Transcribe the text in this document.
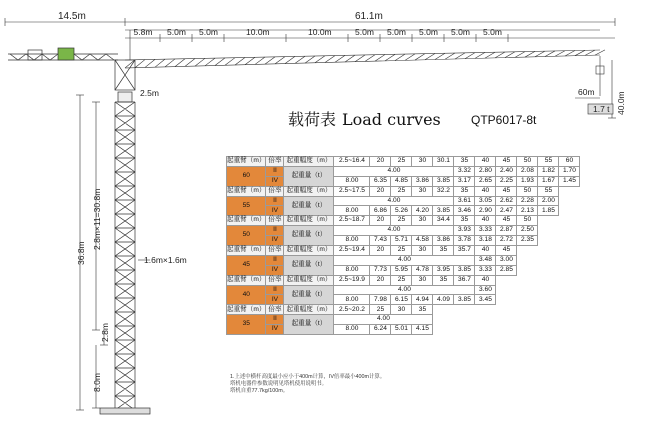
14.5m	61.1m
5.8m 5.0m 5.0m	10.0m	10.0m	5.0m 5.0m 5.0m 5.0m 5.0m
2.5m
36.8m
2.8m×11=30.8m
2.8m
8.0m
1.6m×1.6m
60m
1.7 t 40.0m
载荷表 Load curves	QTP6017-8t
起重臂（m）	倍率	起重幅度（m）	2.5~16.4	20	25	30	30.1	35	40	45	50	55	60
60	II	起重量（t）	4.00					3.32	2.80	2.40	2.08	1.82	1.70
	IV		8.00	6.35	4.85	3.86	3.85	3.17	2.65	2.25	1.93	1.67	1.45
起重臂（m）	倍率	起重幅度（m）	2.5~17.5	20	25	30	32.2	35	40	45	50	55	
55	II	起重量（t）	4.00					3.61	3.05	2.62	2.28	2.00	
	IV		8.00	6.86	5.26	4.20	3.85	3.46	2.90	2.47	2.13	1.85	
起重臂（m）	倍率	起重幅度（m）	2.5~18.7	20	25	30	34.4	35	40	45	50		
50	II	起重量（t）	4.00					3.93	3.33	2.87	2.50		
	IV		8.00	7.43	5.71	4.58	3.86	3.78	3.18	2.72	2.35		
起重臂（m）	倍率	起重幅度（m）	2.5~19.4	20	25	30	35	35.7	40	45			
45	II	起重量（t）	4.00						3.48	3.00			
	IV		8.00	7.73	5.95	4.78	3.95	3.85	3.33	2.85			
起重臂（m）	倍率	起重幅度（m）	2.5~19.9	20	25	30	35	36.7	40				
40	II	起重量（t）	4.00						3.60				
	IV		8.00	7.98	6.15	4.94	4.09	3.85	3.45				
起重臂（m）	倍率	起重幅度（m）	2.5~20.2	25	30	35							
35	II	起重量（t）	4.00										
	IV		8.00	6.24	5.01	4.15							
1.上述中横杆高度最小应小于400m计算，IV倍率最小400m计算。
塔机电器件参数说明见塔机使用说明书。
塔机自重77.7kg/100m。
